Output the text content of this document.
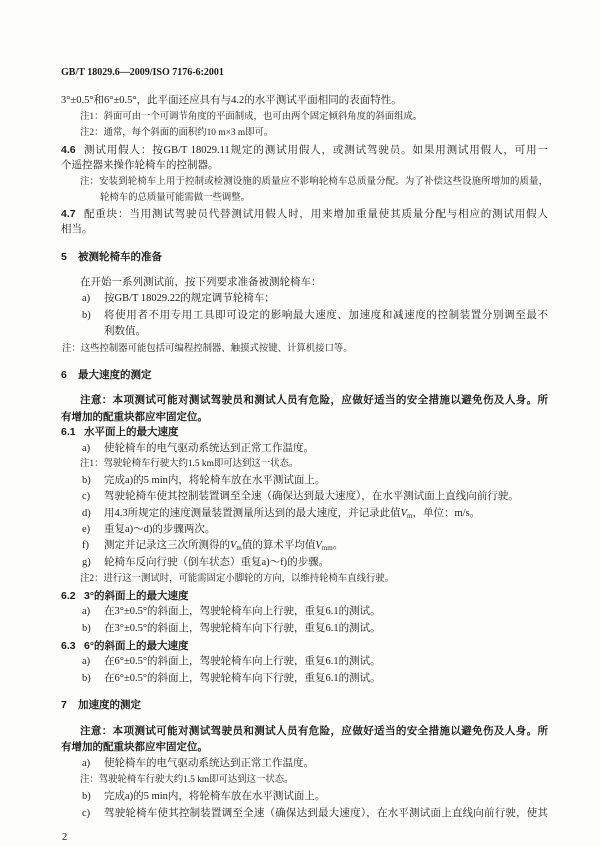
GB/T 18029.6—2009/ISO 7176-6:2001
3°±0.5°和6°±0.5°，此平面还应具有与4.2的水平测试平面相同的表面特性。
注1：斜面可由一个可调节角度的平面制成，也可由两个固定倾斜角度的斜面组成。
注2：通常，每个斜面的面积约10 m×3 m即可。
4.6 测试用假人：按GB/T 18029.11规定的测试用假人，或测试驾驶员。如果用测试用假人，可用一
个遥控器来操作轮椅车的控制器。
注：安装到轮椅车上用于控制或检测设施的质量应不影响轮椅车总质量分配。为了补偿这些设施所增加的质量，
轮椅车的总质量可能需做一些调整。
4.7 配重块：当用测试驾驶员代替测试用假人时，用来增加重量使其质量分配与相应的测试用假人
相当。
5 被测轮椅车的准备
在开始一系列测试前，按下列要求准备被测轮椅车：
a) 按GB/T 18029.22的规定调节轮椅车；
b) 将使用者不用专用工具即可设定的影响最大速度、加速度和减速度的控制装置分别调至最不
利数值。
注：这些控制器可能包括可编程控制器、触摸式按键、计算机接口等。
6 最大速度的测定
注意：本项测试可能对测试驾驶员和测试人员有危险，应做好适当的安全措施以避免伤及人身。所
有增加的配重块都应牢固定位。
6.1 水平面上的最大速度
a) 使轮椅车的电气驱动系统达到正常工作温度。
注1：驾驶轮椅车行驶大约1.5 km即可达到这一状态。
b) 完成a)的5 min内，将轮椅车放在水平测试面上。
c) 驾驶轮椅车使其控制装置调至全速（确保达到最大速度），在水平测试面上直线向前行驶。
d) 用4.3所规定的速度测量装置测量所达到的最大速度，并记录此值$V_m$，单位：m/s。
e) 重复a)～d)的步骤两次。
f) 测定并记录这三次所测得的$V_m$值的算术平均值$V_{mm}$。
g) 轮椅车反向行驶（倒车状态）重复a)～f)的步骤。
注2：进行这一测试时，可能需固定小脚轮的方向，以维持轮椅车直线行驶。
6.2 3°的斜面上的最大速度
a) 在3°±0.5°的斜面上，驾驶轮椅车向上行驶，重复6.1的测试。
b) 在3°±0.5°的斜面上，驾驶轮椅车向下行驶，重复6.1的测试。
6.3 6°的斜面上的最大速度
a) 在6°±0.5°的斜面上，驾驶轮椅车向上行驶，重复6.1的测试。
b) 在6°±0.5°的斜面上，驾驶轮椅车向下行驶，重复6.1的测试。
7 加速度的测定
注意：本项测试可能对测试驾驶员和测试人员有危险，应做好适当的安全措施以避免伤及人身。所
有增加的配重块都应牢固定位。
a) 使轮椅车的电气驱动系统达到正常工作温度。
注：驾驶轮椅车行驶大约1.5 km即可达到这一状态。
b) 完成a)的5 min内，将轮椅车放在水平测试面上。
c) 驾驶轮椅车使其控制装置调至全速（确保达到最大速度），在水平测试面上直线向前行驶，使其
2
